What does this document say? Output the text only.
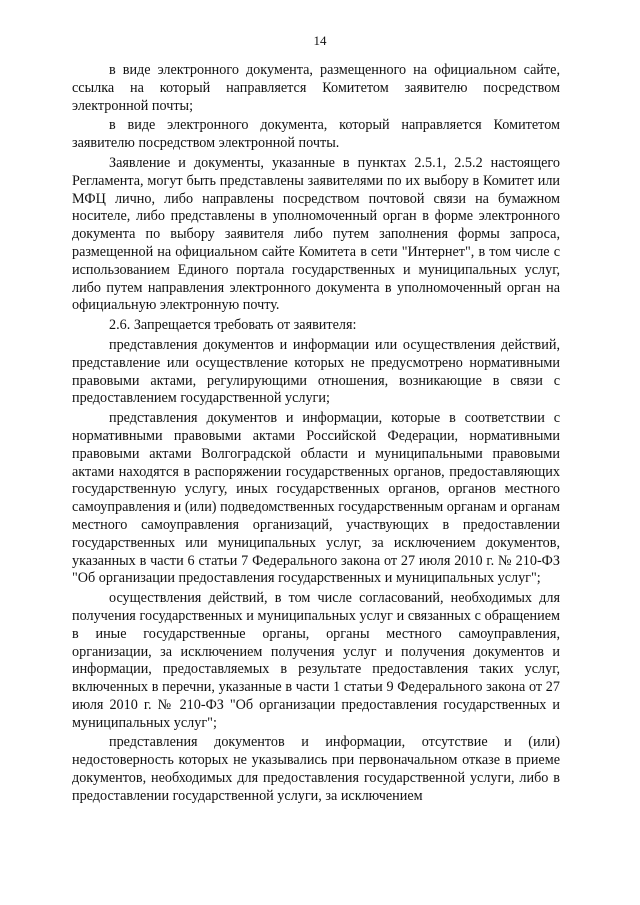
14

в виде электронного документа, размещенного на официальном сайте, ссылка на который направляется Комитетом заявителю посредством электронной почты;

в виде электронного документа, который направляется Комитетом заявителю посредством электронной почты.

Заявление и документы, указанные в пунктах 2.5.1, 2.5.2 настоящего Регламента, могут быть представлены заявителями по их выбору в Комитет или МФЦ лично, либо направлены посредством почтовой связи на бумажном носителе, либо представлены в уполномоченный орган в форме электронного документа по выбору заявителя либо путем заполнения формы запроса, размещенной на официальном сайте Комитета в сети "Интернет", в том числе с использованием Единого портала государственных и муниципальных услуг, либо путем направления электронного документа в уполномоченный орган на официальную электронную почту.

2.6. Запрещается требовать от заявителя:

представления документов и информации или осуществления действий, представление или осуществление которых не предусмотрено нормативными правовыми актами, регулирующими отношения, возникающие в связи с предоставлением государственной услуги;

представления документов и информации, которые в соответствии с нормативными правовыми актами Российской Федерации, нормативными правовыми актами Волгоградской области и муниципальными правовыми актами находятся в распоряжении государственных органов, предоставляющих государственную услугу, иных государственных органов, органов местного самоуправления и (или) подведомственных государственным органам и органам местного самоуправления организаций, участвующих в предоставлении государственных или муниципальных услуг, за исключением документов, указанных в части 6 статьи 7 Федерального закона от 27 июля 2010 г. № 210-ФЗ "Об организации предоставления государственных и муниципальных услуг";

осуществления действий, в том числе согласований, необходимых для получения государственных и муниципальных услуг и связанных с обращением в иные государственные органы, органы местного самоуправления, организации, за исключением получения услуг и получения документов и информации, предоставляемых в результате предоставления таких услуг, включенных в перечни, указанные в части 1 статьи 9 Федерального закона от 27 июля 2010 г. № 210-ФЗ "Об организации предоставления государственных и муниципальных услуг";

представления документов и информации, отсутствие и (или) недостоверность которых не указывались при первоначальном отказе в приеме документов, необходимых для предоставления государственной услуги, либо в предоставлении государственной услуги, за исключением
